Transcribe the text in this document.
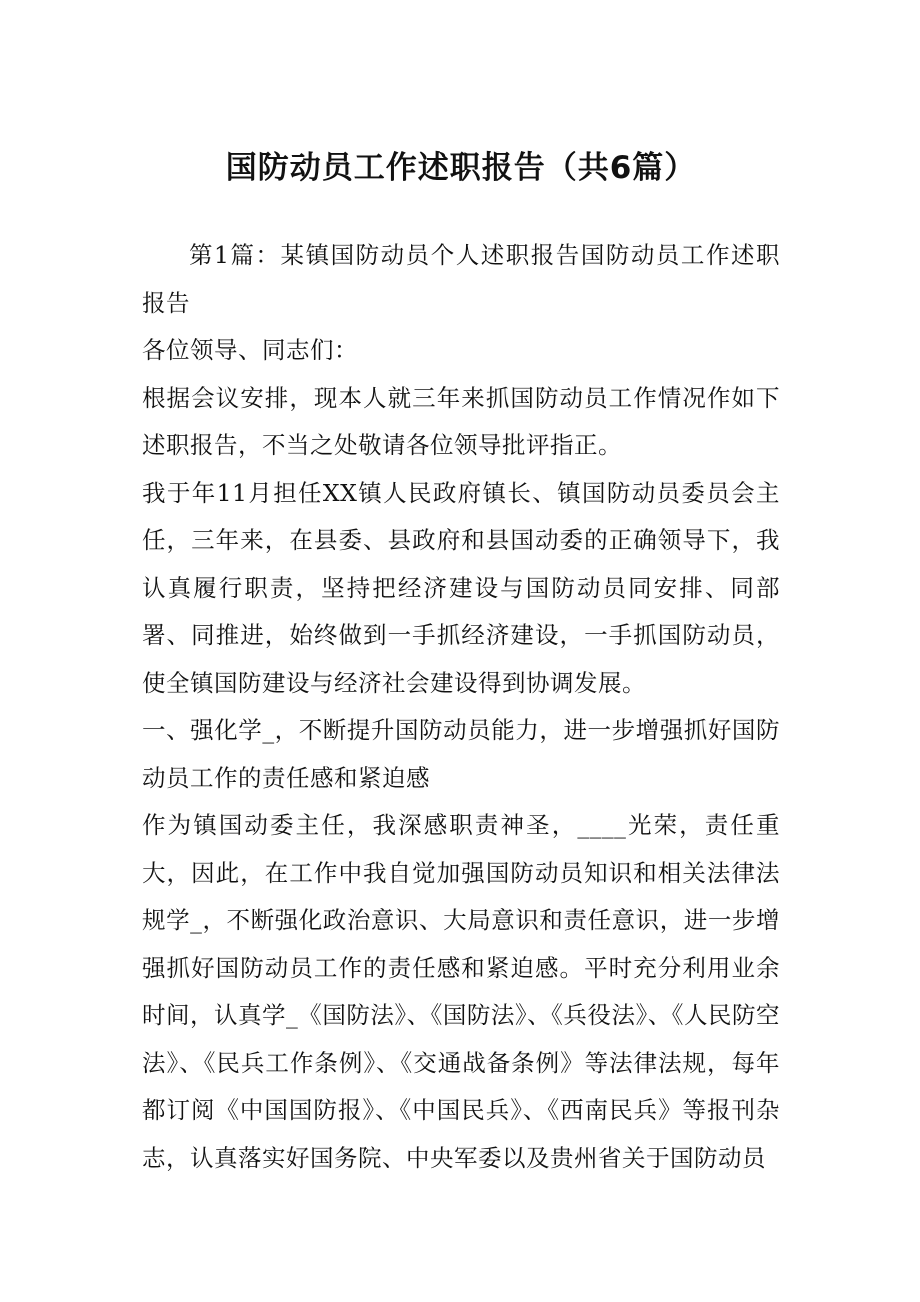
国防动员工作述职报告（共6篇）

第1篇：某镇国防动员个人述职报告国防动员工作述职报告

各位领导、同志们：

根据会议安排，现本人就三年来抓国防动员工作情况作如下述职报告，不当之处敬请各位领导批评指正。

我于年11月担任XX镇人民政府镇长、镇国防动员委员会主任，三年来，在县委、县政府和县国动委的正确领导下，我认真履行职责，坚持把经济建设与国防动员同安排、同部署、同推进，始终做到一手抓经济建设，一手抓国防动员，使全镇国防建设与经济社会建设得到协调发展。

一、强化学_，不断提升国防动员能力，进一步增强抓好国防动员工作的责任感和紧迫感

作为镇国动委主任，我深感职责神圣，____光荣，责任重大，因此，在工作中我自觉加强国防动员知识和相关法律法规学_，不断强化政治意识、大局意识和责任意识，进一步增强抓好国防动员工作的责任感和紧迫感。平时充分利用业余时间，认真学_《国防法》、《国防法》、《兵役法》、《人民防空法》、《民兵工作条例》、《交通战备条例》等法律法规，每年都订阅《中国国防报》、《中国民兵》、《西南民兵》等报刊杂志，认真落实好国务院、中央军委以及贵州省关于国防动员
